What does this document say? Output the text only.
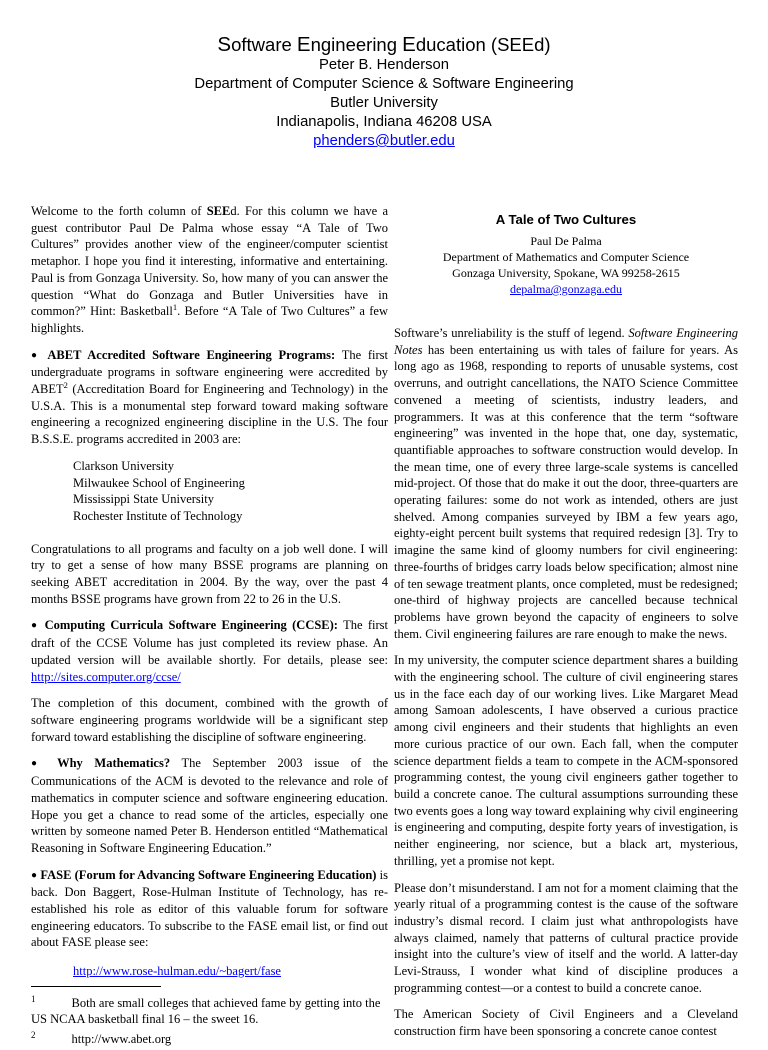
Software Engineering Education (SEEd)
Peter B. Henderson
Department of Computer Science & Software Engineering
Butler University
Indianapolis, Indiana 46208 USA
phenders@butler.edu

Welcome to the forth column of SEEd. For this column we have a guest contributor Paul De Palma whose essay “A Tale of Two Cultures” provides another view of the engineer/computer scientist metaphor. I hope you find it interesting, informative and entertaining. Paul is from Gonzaga University. So, how many of you can answer the question “What do Gonzaga and Butler Universities have in common?” Hint: Basketball$^1$. Before “A Tale of Two Cultures” a few highlights.

● ABET Accredited Software Engineering Programs: The first undergraduate programs in software engineering were accredited by ABET$^2$ (Accreditation Board for Engineering and Technology) in the U.S.A. This is a monumental step forward toward making software engineering a recognized engineering discipline in the U.S. The four B.S.S.E. programs accredited in 2003 are:

Clarkson University
Milwaukee School of Engineering
Mississippi State University
Rochester Institute of Technology

Congratulations to all programs and faculty on a job well done. I will try to get a sense of how many BSSE programs are planning on seeking ABET accreditation in 2004. By the way, over the past 4 months BSSE programs have grown from 22 to 26 in the U.S.

● Computing Curricula Software Engineering (CCSE): The first draft of the CCSE Volume has just completed its review phase. An updated version will be available shortly. For details, please see: http://sites.computer.org/ccse/

The completion of this document, combined with the growth of software engineering programs worldwide will be a significant step forward toward establishing the discipline of software engineering.

● Why Mathematics? The September 2003 issue of the Communications of the ACM is devoted to the relevance and role of mathematics in computer science and software engineering education. Hope you get a chance to read some of the articles, especially one written by someone named Peter B. Henderson entitled “Mathematical Reasoning in Software Engineering Education.”

● FASE (Forum for Advancing Software Engineering Education) is back. Don Baggert, Rose-Hulman Institute of Technology, has re-established his role as editor of this valuable forum for software engineering educators. To subscribe to the FASE email list, or find out about FASE please see:

http://www.rose-hulman.edu/~bagert/fase
$^1$	Both are small colleges that achieved fame by getting into the US NCAA basketball final 16 – the sweet 16.
$^2$	http://www.abet.org
A Tale of Two Cultures
Paul De Palma
Department of Mathematics and Computer Science
Gonzaga University, Spokane, WA 99258-2615
depalma@gonzaga.edu

Software’s unreliability is the stuff of legend. Software Engineering Notes has been entertaining us with tales of failure for years. As long ago as 1968, responding to reports of unusable systems, cost overruns, and outright cancellations, the NATO Science Committee convened a meeting of scientists, industry leaders, and programmers. It was at this conference that the term “software engineering” was invented in the hope that, one day, systematic, quantifiable approaches to software construction would develop. In the mean time, one of every three large-scale systems is cancelled mid-project. Of those that do make it out the door, three-quarters are operating failures: some do not work as intended, others are just shelved. Among companies surveyed by IBM a few years ago, eighty-eight percent built systems that required redesign [3]. Try to imagine the same kind of gloomy numbers for civil engineering: three-fourths of bridges carry loads below specification; almost nine of ten sewage treatment plants, once completed, must be redesigned; one-third of highway projects are cancelled because technical problems have grown beyond the capacity of engineers to solve them. Civil engineering failures are rare enough to make the news.

In my university, the computer science department shares a building with the engineering school. The culture of civil engineering stares us in the face each day of our working lives. Like Margaret Mead among Samoan adolescents, I have observed a curious practice among civil engineers and their students that highlights an even more curious practice of our own. Each fall, when the computer science department fields a team to compete in the ACM-sponsored programming contest, the young civil engineers gather together to build a concrete canoe. The cultural assumptions surrounding these two events goes a long way toward explaining why civil engineering is engineering and computing, despite forty years of investigation, is neither engineering, nor science, but a black art, mysterious, thrilling, yet a promise not kept.

Please don’t misunderstand. I am not for a moment claiming that the yearly ritual of a programming contest is the cause of the software industry’s dismal record. I claim just what anthropologists have always claimed, namely that patterns of cultural practice provide insight into the culture’s view of itself and the world. A latter-day Levi-Strauss, I wonder what kind of discipline produces a programming contest—or a contest to build a concrete canoe.

The American Society of Civil Engineers and a Cleveland construction firm have been sponsoring a concrete canoe contest
